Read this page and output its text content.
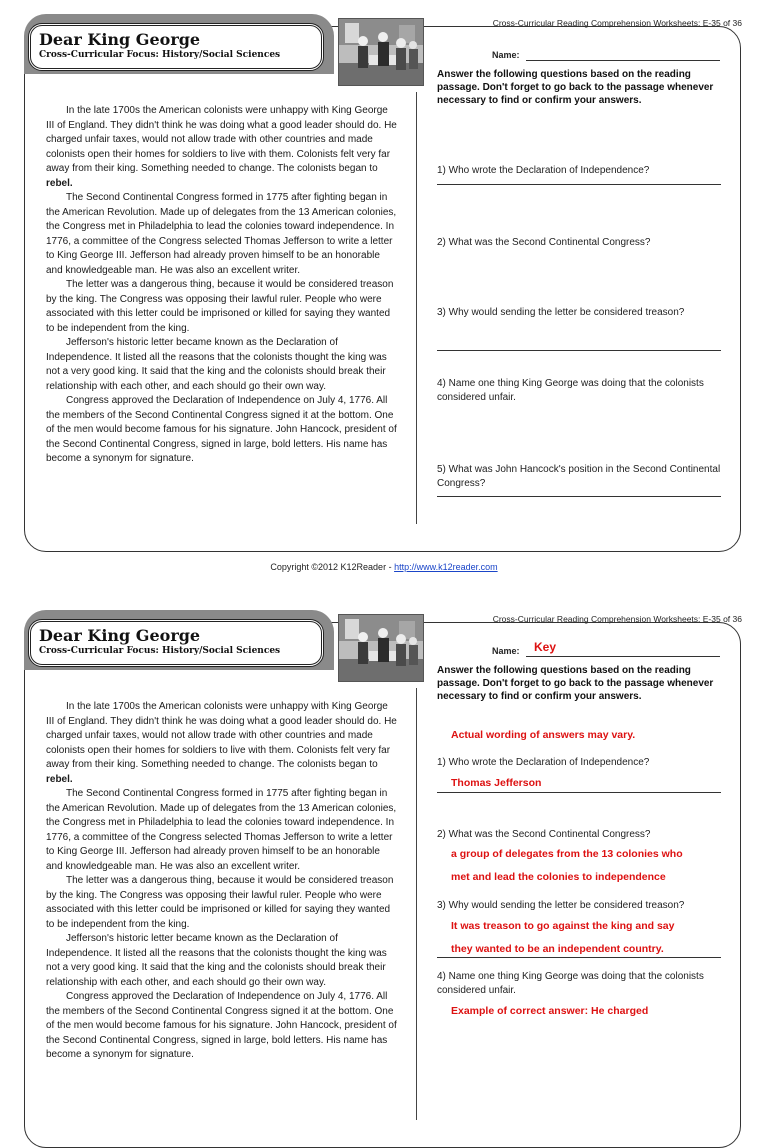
Cross-Curricular Reading Comprehension Worksheets: E-35 of 36
Dear King George
Cross-Curricular Focus: History/Social Sciences	Name:
Answer the following questions based on the reading passage. Don't forget to go back to the passage whenever necessary to find or confirm your answers.

In the late 1700s the American colonists were unhappy with King George III of England. They didn't think he was doing what a good leader should do. He charged unfair taxes, would not allow trade with other countries and made colonists open their homes for soldiers to live with them. Colonists felt very far away from their king. Something needed to change. The colonists began to rebel.

The Second Continental Congress formed in 1775 after fighting began in the American Revolution. Made up of delegates from the 13 American colonies, the Congress met in Philadelphia to lead the colonies toward independence. In 1776, a committee of the Congress selected Thomas Jefferson to write a letter to King George III. Jefferson had already proven himself to be an honorable and knowledgeable man. He was also an excellent writer.

The letter was a dangerous thing, because it would be considered treason by the king. The Congress was opposing their lawful ruler. People who were associated with this letter could be imprisoned or killed for saying they wanted to be independent from the king.

Jefferson's historic letter became known as the Declaration of Independence. It listed all the reasons that the colonists thought the king was not a very good king. It said that the king and the colonists should break their relationship with each other, and each should go their own way.

Congress approved the Declaration of Independence on July 4, 1776. All the members of the Second Continental Congress signed it at the bottom. One of the men would become famous for his signature. John Hancock, president of the Second Continental Congress, signed in large, bold letters. His name has become a synonym for signature.

1) Who wrote the Declaration of Independence?
2) What was the Second Continental Congress?
3) Why would sending the letter be considered treason?
4) Name one thing King George was doing that the colonists considered unfair.
5) What was John Hancock's position in the Second Continental Congress?
Copyright ©2012 K12Reader - http://www.k12reader.com
Cross-Curricular Reading Comprehension Worksheets: E-35 of 36
Dear King George
Cross-Curricular Focus: History/Social Sciences	Name: Key
Answer the following questions based on the reading passage. Don't forget to go back to the passage whenever necessary to find or confirm your answers.

In the late 1700s the American colonists were unhappy with King George III of England. They didn't think he was doing what a good leader should do. He charged unfair taxes, would not allow trade with other countries and made colonists open their homes for soldiers to live with them. Colonists felt very far away from their king. Something needed to change. The colonists began to rebel.

The Second Continental Congress formed in 1775 after fighting began in the American Revolution. Made up of delegates from the 13 American colonies, the Congress met in Philadelphia to lead the colonies toward independence. In 1776, a committee of the Congress selected Thomas Jefferson to write a letter to King George III. Jefferson had already proven himself to be an honorable and knowledgeable man. He was also an excellent writer.

The letter was a dangerous thing, because it would be considered treason by the king. The Congress was opposing their lawful ruler. People who were associated with this letter could be imprisoned or killed for saying they wanted to be independent from the king.

Jefferson's historic letter became known as the Declaration of Independence. It listed all the reasons that the colonists thought the king was not a very good king. It said that the king and the colonists should break their relationship with each other, and each should go their own way.

Congress approved the Declaration of Independence on July 4, 1776. All the members of the Second Continental Congress signed it at the bottom. One of the men would become famous for his signature. John Hancock, president of the Second Continental Congress, signed in large, bold letters. His name has become a synonym for signature.

Actual wording of answers may vary.
1) Who wrote the Declaration of Independence?
Thomas Jefferson
2) What was the Second Continental Congress?
a group of delegates from the 13 colonies who
met and lead the colonies to independence
3) Why would sending the letter be considered treason?
It was treason to go against the king and say
they wanted to be an independent country.
4) Name one thing King George was doing that the colonists considered unfair.
Example of correct answer: He charged
